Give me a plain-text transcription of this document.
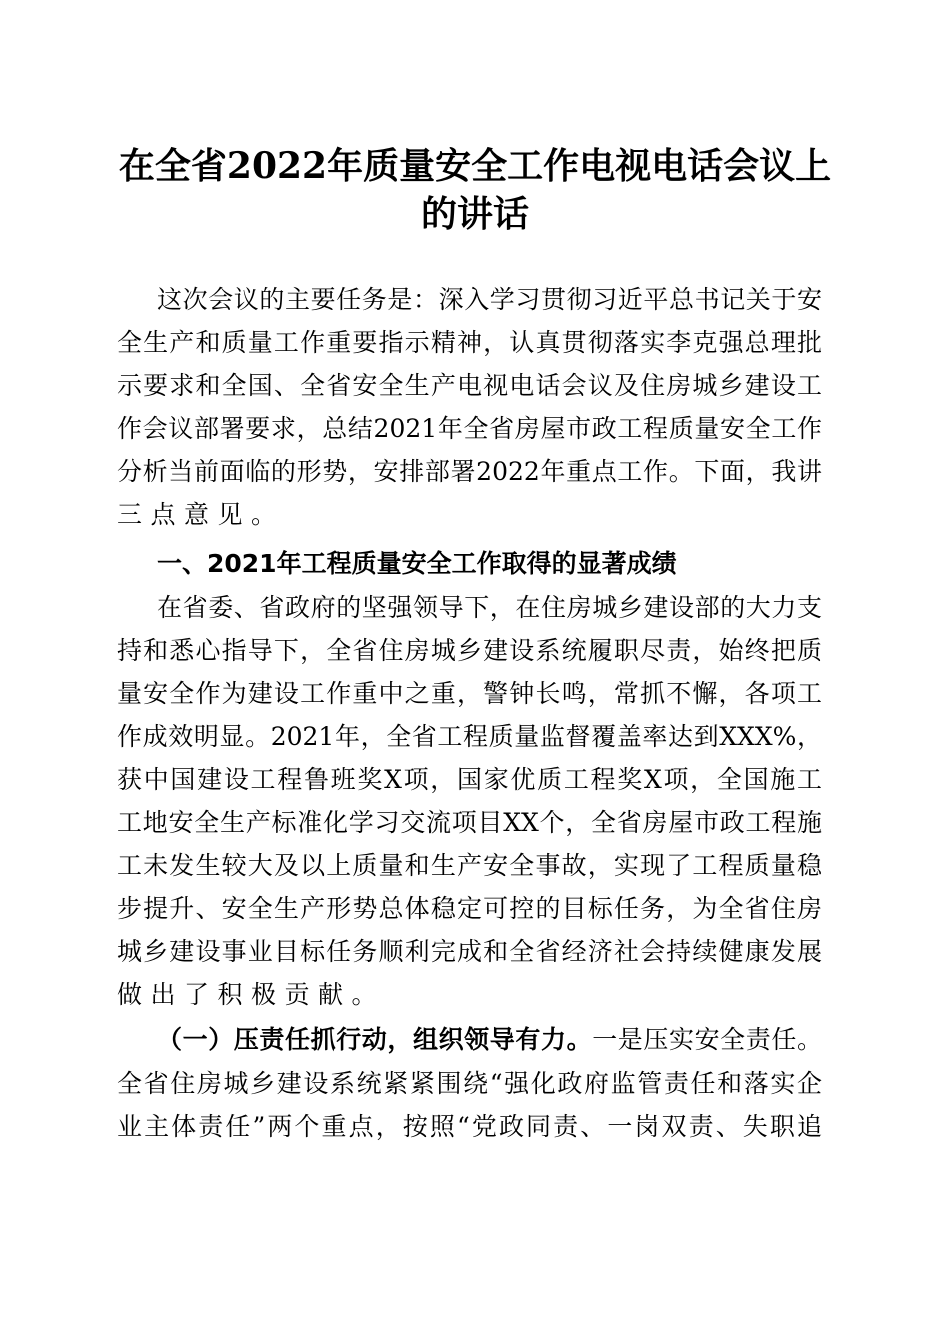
在全省2022年质量安全工作电视电话会议上
的讲话
这次会议的主要任务是：深入学习贯彻习近平总书记关于安
全生产和质量工作重要指示精神，认真贯彻落实李克强总理批
示要求和全国、全省安全生产电视电话会议及住房城乡建设工
作会议部署要求，总结2021年全省房屋市政工程质量安全工作
分析当前面临的形势，安排部署2022年重点工作。下面，我讲
三点意见。
一、2021年工程质量安全工作取得的显著成绩
在省委、省政府的坚强领导下，在住房城乡建设部的大力支
持和悉心指导下，全省住房城乡建设系统履职尽责，始终把质
量安全作为建设工作重中之重，警钟长鸣，常抓不懈，各项工
作成效明显。2021年，全省工程质量监督覆盖率达到XXX%，
获中国建设工程鲁班奖X项，国家优质工程奖X项，全国施工
工地安全生产标准化学习交流项目XX个，全省房屋市政工程施
工未发生较大及以上质量和生产安全事故，实现了工程质量稳
步提升、安全生产形势总体稳定可控的目标任务，为全省住房
城乡建设事业目标任务顺利完成和全省经济社会持续健康发展
做出了积极贡献。
（一）压责任抓行动，组织领导有力。一是压实安全责任。
全省住房城乡建设系统紧紧围绕“强化政府监管责任和落实企
业主体责任”两个重点，按照“党政同责、一岗双责、失职追
